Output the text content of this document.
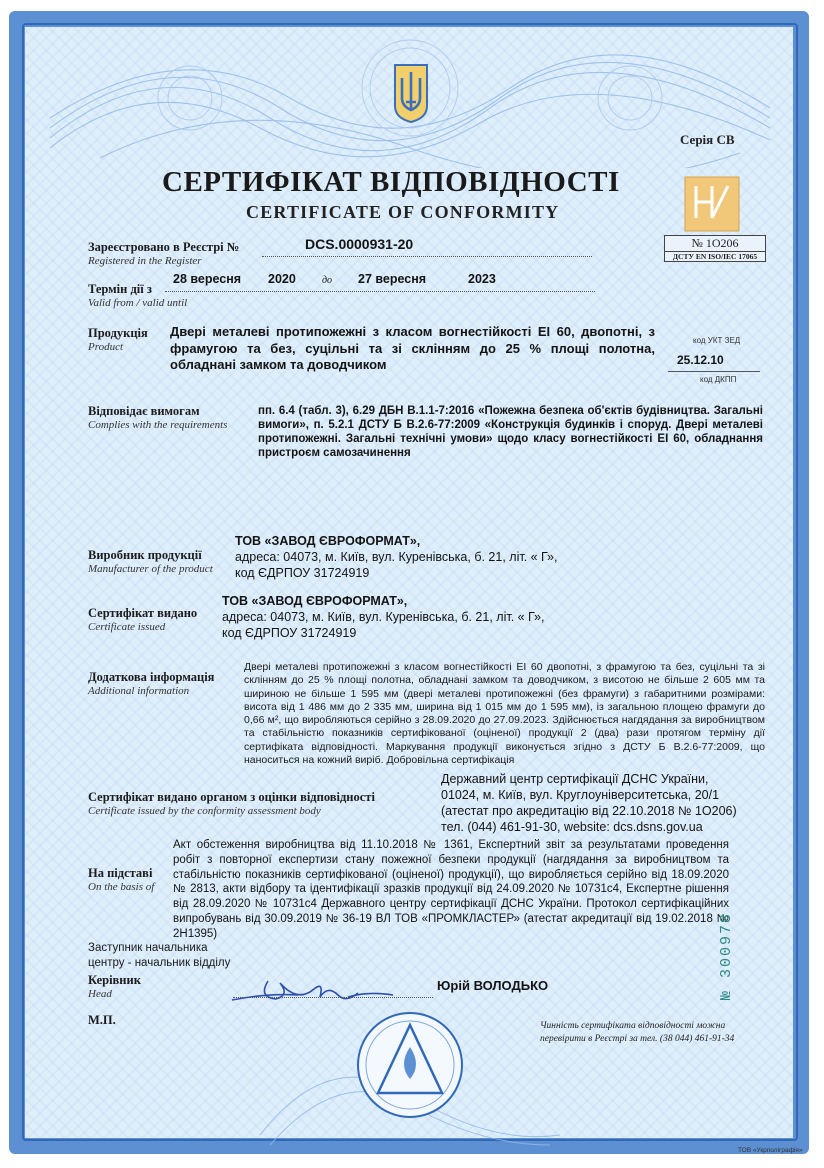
Серія СВ
СЕРТИФІКАТ ВІДПОВІДНОСТІ
CERTIFICATE OF CONFORMITY
№ 1О206
ДСТУ EN ISO/IEC 17065
Зареєстровано в Реєстрі №
Registered in the Register
DCS.0000931-20
Термін дії з
Valid from / valid until
28 вересня 2020	до 27 вересня	2023
Продукція
Product
Двері металеві протипожежні з класом вогнестійкості ЕІ 60, двопотні, з фрамугою та без, суцільні та зі склінням до 25 % площі полотна, обладнані замком та доводчиком
код УКТ ЗЕД
25.12.10
код ДКПП
Відповідає вимогам
Complies with the requirements
пп. 6.4 (табл. 3), 6.29 ДБН В.1.1-7:2016 «Пожежна безпека об'єктів будівництва. Загальні вимоги», п. 5.2.1 ДСТУ Б В.2.6-77:2009 «Конструкція будинків і споруд. Двері металеві протипожежні. Загальні технічні умови» щодо класу вогнестійкості ЕІ 60, обладнання пристроєм самозачинення
Виробник продукції
Manufacturer of the product
ТОВ «ЗАВОД ЄВРОФОРМАТ»,
адреса: 04073, м. Київ, вул. Куренівська, б. 21, літ. « Г»,
код ЄДРПОУ 31724919
Сертифікат видано
Certificate issued
ТОВ «ЗАВОД ЄВРОФОРМАТ»,
адреса: 04073, м. Київ, вул. Куренівська, б. 21, літ. « Г»,
код ЄДРПОУ 31724919
Додаткова інформація
Additional information
Двері металеві протипожежні з класом вогнестійкості ЕІ 60 двопотні, з фрамугою та без, суцільні та зі склінням до 25 % площі полотна, обладнані замком та доводчиком, з висотою не більше 2 605 мм та шириною не більше 1 595 мм (двері металеві протипожежні (без фрамуги) з габаритними розмірами: висота від 1 486 мм до 2 335 мм, ширина від 1 015 мм до 1 595 мм), із загальною площею фрамуги до 0,66 м², що виробляються серійно з 28.09.2020 до 27.09.2023. Здійснюється нагдядання за виробництвом та стабільністю показників сертифікованої (оціненої) продукції 2 (два) рази протягом терміну дії сертифіката відповідності. Маркування продукції виконується згідно з ДСТУ Б В.2.6-77:2009, що наноситься на кожний виріб. Добровільна сертифікація
Сертифікат видано органом з оцінки відповідності
Certificate issued by the conformity assessment body
Державний центр сертифікації ДСНС України,
01024, м. Київ, вул. Круглоуніверситетська, 20/1
(атестат про акредитацію від 22.10.2018 № 1О206)
тел. (044) 461-91-30, website: dcs.dsns.gov.ua
На підставі
On the basis of
Акт обстеження виробництва від 11.10.2018 № 1361, Експертний звіт за результатами проведення робіт з повторної експертизи стану пожежної безпеки продукції (нагдядання за виробництвом та стабільністю показників сертифікованої (оціненої) продукції), що виробляється серійно від 18.09.2020 № 2813, акти відбору та ідентифікації зразків продукції від 24.09.2020 № 10731с4, Експертне рішення від 28.09.2020 № 10731с4 Державного центру сертифікації ДСНС України. Протокол сертифікаційних випробувань від 30.09.2019 № 36-19 ВЛ ТОВ «ПРОМКЛАСТЕР» (атестат акредитації від 19.02.2018 № 2Н1395)	№ 300978
Заступник начальника
центру - начальник відділу
Керівник
Head
Юрій ВОЛОДЬКО
М.П.	Чинність сертифіката відповідності можна
перевірити в Реєстрі за тел. (38 044) 461-91-34
ТОВ «Укрполіграфія»
